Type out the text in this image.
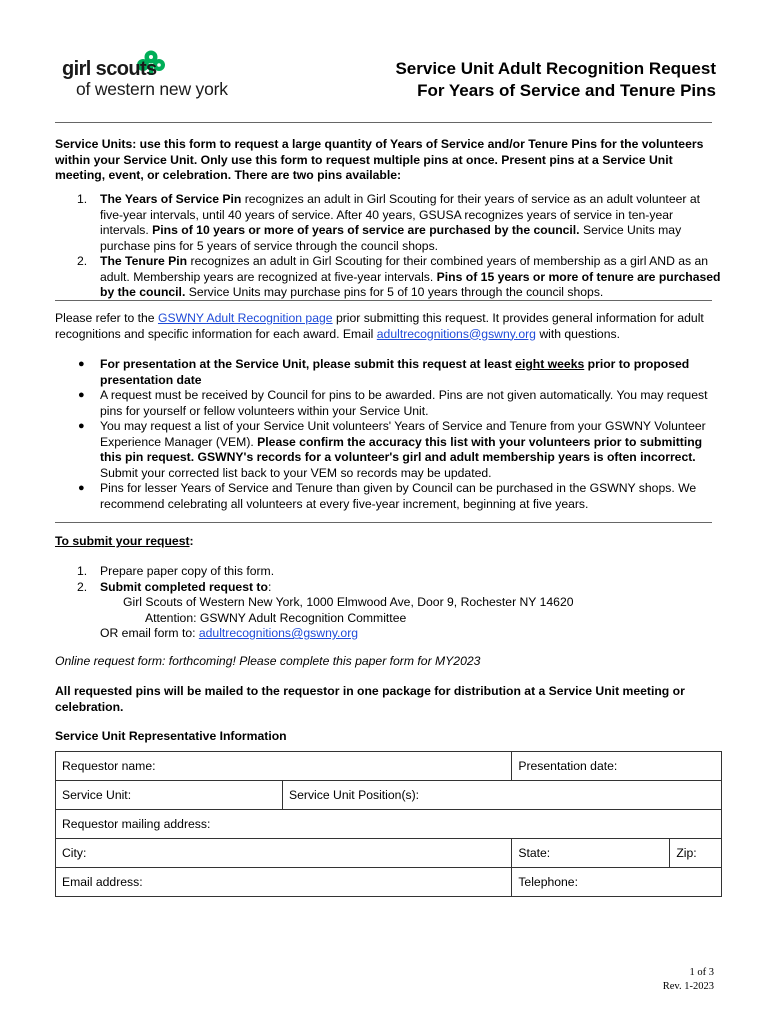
girl scouts
of western new york
Service Unit Adult Recognition Request
For Years of Service and Tenure Pins
Service Units: use this form to request a large quantity of Years of Service and/or Tenure Pins for the volunteers within your Service Unit. Only use this form to request multiple pins at once. Present pins at a Service Unit meeting, event, or celebration. There are two pins available:
1. The Years of Service Pin recognizes an adult in Girl Scouting for their years of service as an adult volunteer at five-year intervals, until 40 years of service. After 40 years, GSUSA recognizes years of service in ten-year intervals. Pins of 10 years or more of years of service are purchased by the council. Service Units may purchase pins for 5 years of service through the council shops.
2. The Tenure Pin recognizes an adult in Girl Scouting for their combined years of membership as a girl AND as an adult. Membership years are recognized at five-year intervals. Pins of 15 years or more of tenure are purchased by the council. Service Units may purchase pins for 5 of 10 years through the council shops.
Please refer to the GSWNY Adult Recognition page prior submitting this request. It provides general information for adult recognitions and specific information for each award. Email adultrecognitions@gswny.org with questions.
● For presentation at the Service Unit, please submit this request at least eight weeks prior to proposed presentation date
● A request must be received by Council for pins to be awarded. Pins are not given automatically. You may request pins for yourself or fellow volunteers within your Service Unit.
● You may request a list of your Service Unit volunteers' Years of Service and Tenure from your GSWNY Volunteer Experience Manager (VEM). Please confirm the accuracy this list with your volunteers prior to submitting this pin request. GSWNY's records for a volunteer's girl and adult membership years is often incorrect. Submit your corrected list back to your VEM so records may be updated.
● Pins for lesser Years of Service and Tenure than given by Council can be purchased in the GSWNY shops. We recommend celebrating all volunteers at every five-year increment, beginning at five years.
To submit your request:
1. Prepare paper copy of this form.
2. Submit completed request to:
Girl Scouts of Western New York, 1000 Elmwood Ave, Door 9, Rochester NY 14620
Attention: GSWNY Adult Recognition Committee
OR email form to: adultrecognitions@gswny.org
Online request form: forthcoming! Please complete this paper form for MY2023
All requested pins will be mailed to the requestor in one package for distribution at a Service Unit meeting or celebration.
Service Unit Representative Information
Requestor name:		Presentation date:	
Service Unit:	Service Unit Position(s):		
Requestor mailing address:			
City:		State:	Zip:
Email address:		Telephone:	
1 of 3
Rev. 1-2023
